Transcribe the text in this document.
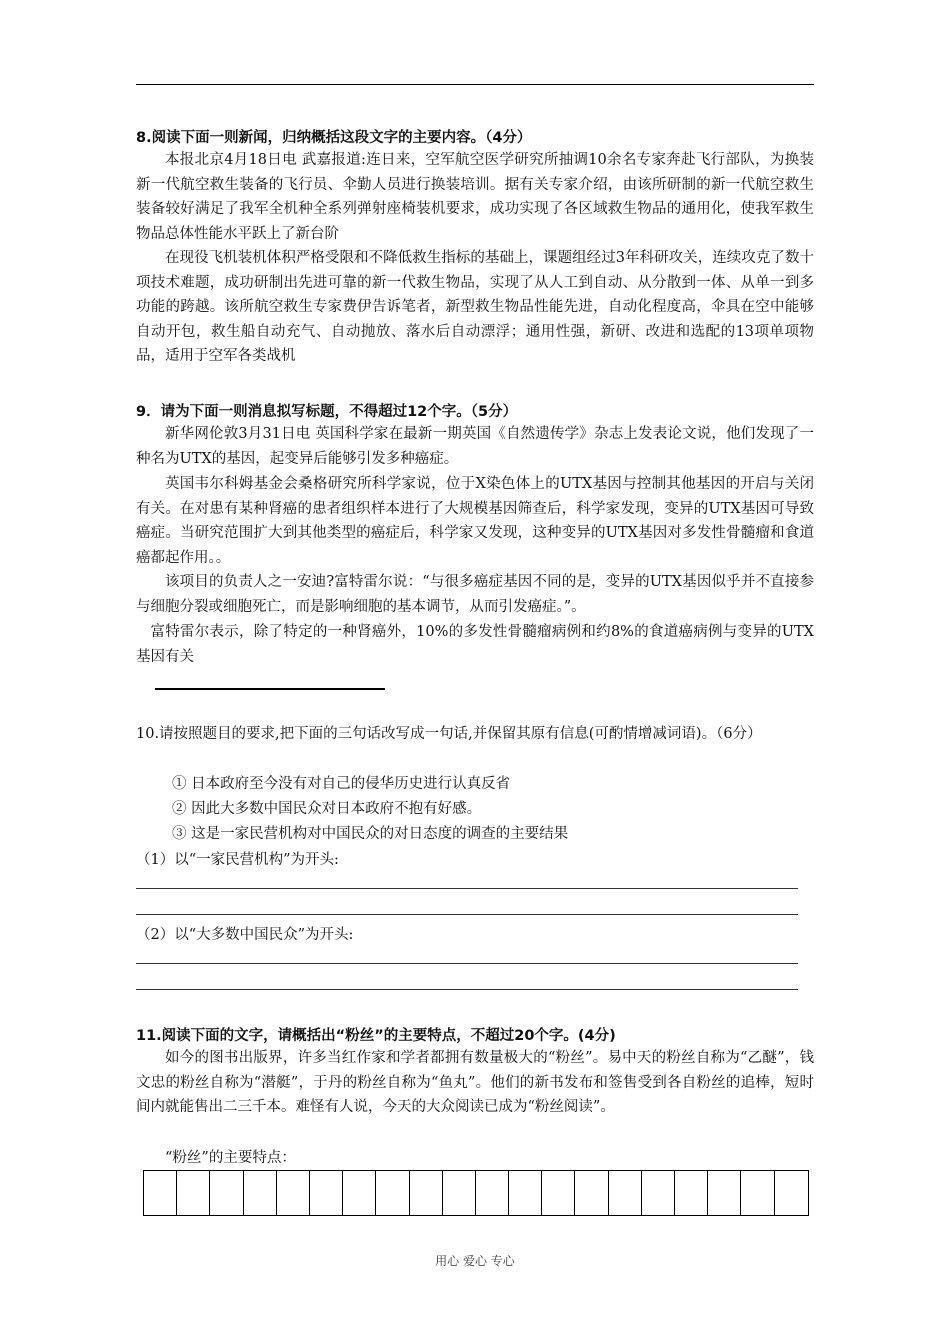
8.阅读下面一则新闻，归纳概括这段文字的主要内容。（4分）

本报北京4月18日电 武嘉报道:连日来，空军航空医学研究所抽调10余名专家奔赴飞行部队，为换装新一代航空救生装备的飞行员、伞勤人员进行换装培训。据有关专家介绍，由该所研制的新一代航空救生装备较好满足了我军全机种全系列弹射座椅装机要求，成功实现了各区域救生物品的通用化，使我军救生物品总体性能水平跃上了新台阶

在现役飞机装机体积严格受限和不降低救生指标的基础上，课题组经过3年科研攻关，连续攻克了数十项技术难题，成功研制出先进可靠的新一代救生物品，实现了从人工到自动、从分散到一体、从单一到多功能的跨越。该所航空救生专家费伊告诉笔者，新型救生物品性能先进，自动化程度高，伞具在空中能够自动开包，救生船自动充气、自动抛放、落水后自动漂浮；通用性强，新研、改进和选配的13项单项物品，适用于空军各类战机

9．请为下面一则消息拟写标题，不得超过12个字。（5分）

新华网伦敦3月31日电 英国科学家在最新一期英国《自然遗传学》杂志上发表论文说，他们发现了一种名为UTX的基因，起变异后能够引发多种癌症。

英国韦尔科姆基金会桑格研究所科学家说，位于X染色体上的UTX基因与控制其他基因的开启与关闭有关。在对患有某种肾癌的患者组织样本进行了大规模基因筛查后，科学家发现，变异的UTX基因可导致癌症。当研究范围扩大到其他类型的癌症后，科学家又发现，这种变异的UTX基因对多发性骨髓瘤和食道癌都起作用。。

该项目的负责人之一安迪?富特雷尔说：“与很多癌症基因不同的是，变异的UTX基因似乎并不直接参与细胞分裂或细胞死亡，而是影响细胞的基本调节，从而引发癌症。”。

富特雷尔表示，除了特定的一种肾癌外，10%的多发性骨髓瘤病例和约8%的食道癌病例与变异的UTX基因有关

10.请按照题目的要求,把下面的三句话改写成一句话,并保留其原有信息(可酌情增减词语)。（6分）

① 日本政府至今没有对自己的侵华历史进行认真反省
② 因此大多数中国民众对日本政府不抱有好感。
③ 这是一家民营机构对中国民众的对日态度的调查的主要结果
（1）以“一家民营机构”为开头:
（2）以“大多数中国民众”为开头:
11.阅读下面的文字，请概括出“粉丝”的主要特点，不超过20个字。(4分)

如今的图书出版界，许多当红作家和学者都拥有数量极大的“粉丝”。易中天的粉丝自称为“乙醚”，钱文忠的粉丝自称为“潜艇”，于丹的粉丝自称为“鱼丸”。他们的新书发布和签售受到各自粉丝的追棒，短时间内就能售出二三千本。难怪有人说，今天的大众阅读已成为“粉丝阅读”。

“粉丝”的主要特点：
用心 爱心 专心
